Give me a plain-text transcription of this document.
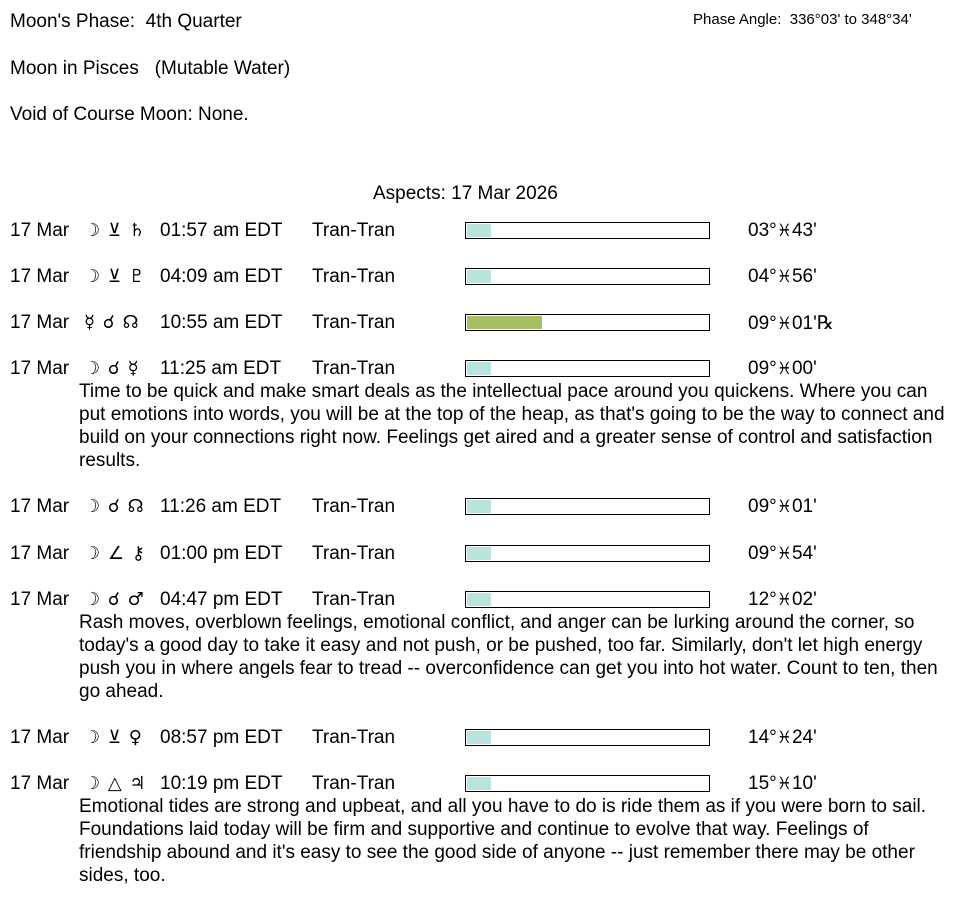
Moon's Phase:  4th Quarter
Moon in Pisces   (Mutable Water)
Void of Course Moon: None.
Phase Angle:  336°03' to 348°34'
Aspects: 17 Mar 2026
17 Mar ☽ ⊻ ♄ 01:57 am EDT Tran-Tran	03°♓43'
17 Mar ☽ ⊻ ♇ 04:09 am EDT Tran-Tran	04°♓56'
17 Mar ☿ ☌ ☊ 10:55 am EDT Tran-Tran	09°♓01'℞
17 Mar ☽ ☌ ☿ 11:25 am EDT Tran-Tran	09°♓00'
Time to be quick and make smart deals as the intellectual pace around you quickens. Where you can put emotions into words, you will be at the top of the heap, as that's going to be the way to connect and build on your connections right now. Feelings get aired and a greater sense of control and satisfaction results.
17 Mar ☽ ☌ ☊ 11:26 am EDT Tran-Tran	09°♓01'
17 Mar ☽ ∠ ⚷ 01:00 pm EDT Tran-Tran	09°♓54'
17 Mar ☽ ☌ ♂ 04:47 pm EDT Tran-Tran	12°♓02'
Rash moves, overblown feelings, emotional conflict, and anger can be lurking around the corner, so today's a good day to take it easy and not push, or be pushed, too far. Similarly, don't let high energy push you in where angels fear to tread -- overconfidence can get you into hot water. Count to ten, then go ahead.
17 Mar ☽ ⊻ ♀ 08:57 pm EDT Tran-Tran	14°♓24'
17 Mar ☽ △ ♃ 10:19 pm EDT Tran-Tran	15°♓10'
Emotional tides are strong and upbeat, and all you have to do is ride them as if you were born to sail. Foundations laid today will be firm and supportive and continue to evolve that way. Feelings of friendship abound and it's easy to see the good side of anyone -- just remember there may be other sides, too.
